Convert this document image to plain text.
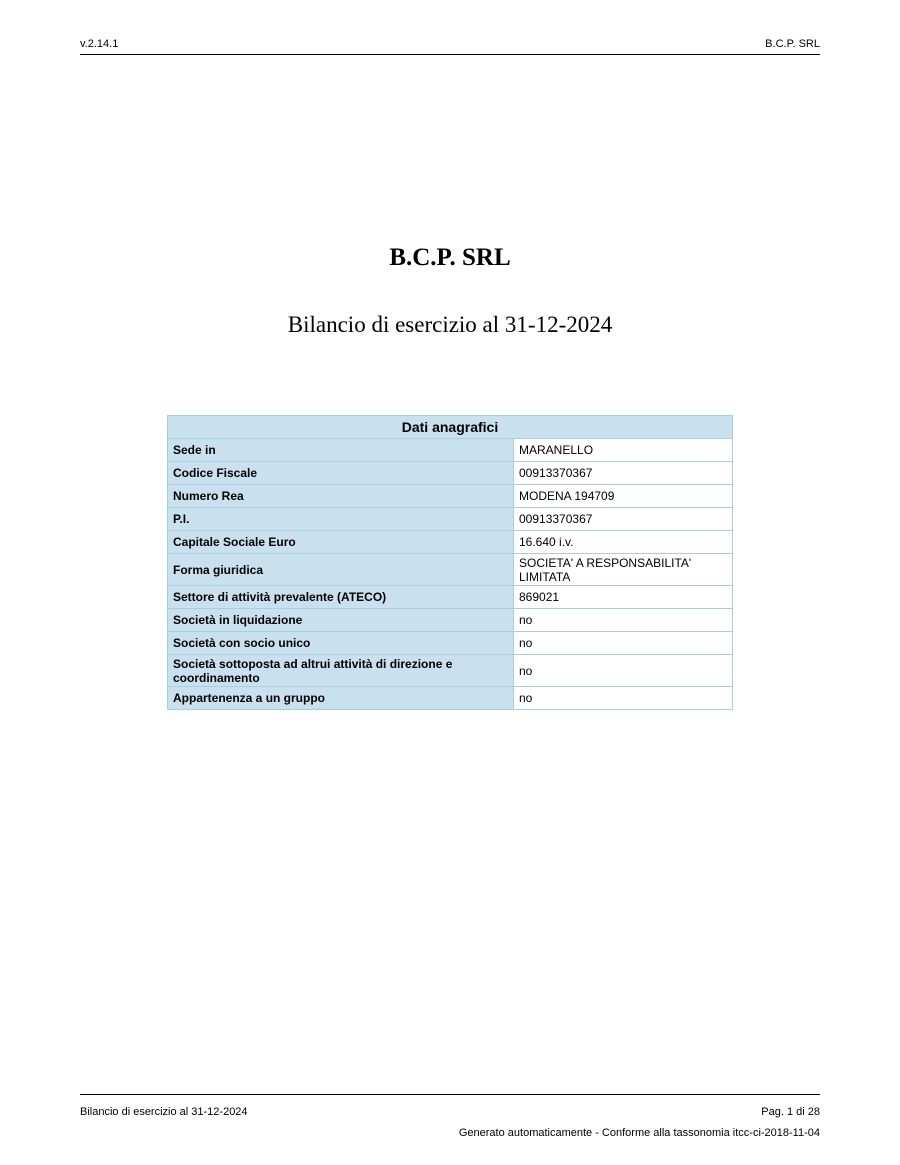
v.2.14.1	B.C.P. SRL
B.C.P. SRL
Bilancio di esercizio al 31-12-2024
Dati anagrafici	
Sede in	MARANELLO
Codice Fiscale	00913370367
Numero Rea	MODENA 194709
P.I.	00913370367
Capitale Sociale Euro	16.640 i.v.
Forma giuridica	SOCIETA' A RESPONSABILITA' LIMITATA
Settore di attività prevalente (ATECO)	869021
Società in liquidazione	no
Società con socio unico	no
Società sottoposta ad altrui attività di direzione e coordinamento	no
Appartenenza a un gruppo	no
Bilancio di esercizio al 31-12-2024	Pag. 1 di 28
Generato automaticamente - Conforme alla tassonomia itcc-ci-2018-11-04
